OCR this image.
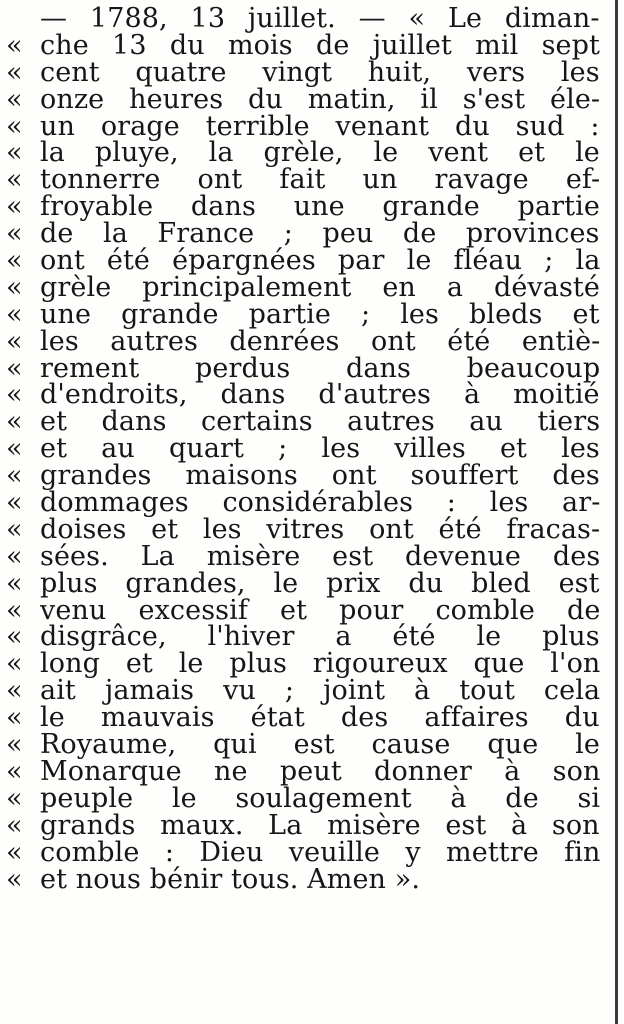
— 1788, 13 juillet. — « Le diman-
« che 13 du mois de juillet mil sept
« cent quatre vingt huit, vers les
« onze heures du matin, il s'est éle-
« un orage terrible venant du sud :
« la pluye, la grèle, le vent et le
« tonnerre ont fait un ravage ef-
« froyable dans une grande partie
« de la France ; peu de provinces
« ont été épargnées par le fléau ; la
« grèle principalement en a dévasté
« une grande partie ; les bleds et
« les autres denrées ont été entiè-
« rement perdus dans beaucoup
« d'endroits, dans d'autres à moitié
« et dans certains autres au tiers
« et au quart ; les villes et les
« grandes maisons ont souffert des
« dommages considérables : les ar-
« doises et les vitres ont été fracas-
« sées. La misère est devenue des
« plus grandes, le prix du bled est
« venu excessif et pour comble de
« disgrâce, l'hiver a été le plus
« long et le plus rigoureux que l'on
« ait jamais vu ; joint à tout cela
« le mauvais état des affaires du
« Royaume, qui est cause que le
« Monarque ne peut donner à son
« peuple le soulagement à de si
« grands maux. La misère est à son
« comble : Dieu veuille y mettre fin
« et nous bénir tous. Amen ».
